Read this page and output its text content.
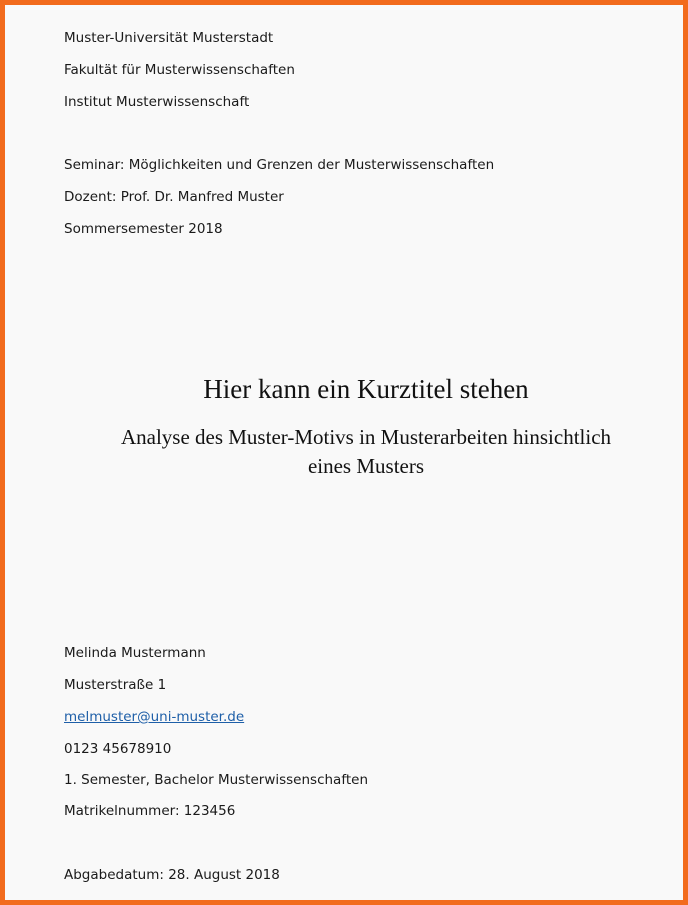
Muster-Universität Musterstadt
Fakultät für Musterwissenschaften
Institut Musterwissenschaft
Seminar: Möglichkeiten und Grenzen der Musterwissenschaften
Dozent: Prof. Dr. Manfred Muster
Sommersemester 2018
Hier kann ein Kurztitel stehen
Analyse des Muster-Motivs in Musterarbeiten hinsichtlich
eines Musters
Melinda Mustermann
Musterstraße 1
melmuster@uni-muster.de
0123 45678910
1. Semester, Bachelor Musterwissenschaften
Matrikelnummer: 123456
Abgabedatum: 28. August 2018
